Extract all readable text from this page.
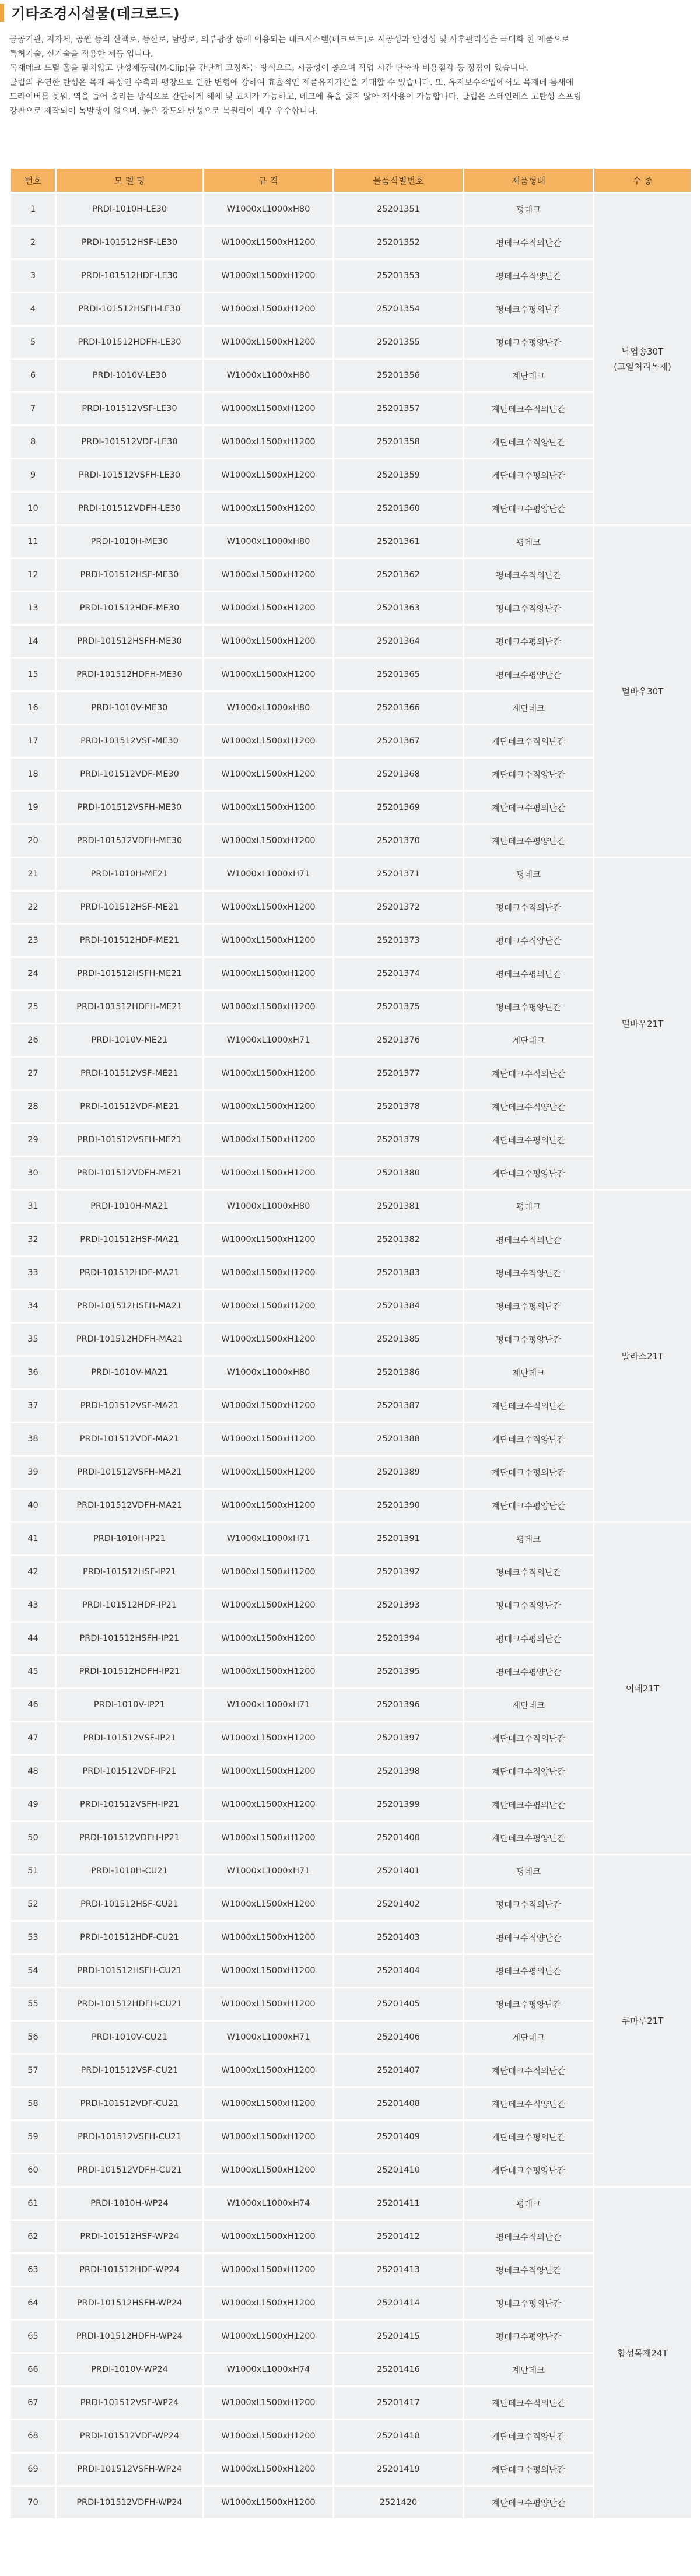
기타조경시설물(데크로드)

공공기관, 지자체, 공원 등의 산책로, 등산로, 탐방로, 외부광장 등에 이용되는 데크시스템(데크로드)로 시공성과 안정성 및 사후관리성을 극대화 한 제품으로

특허기술, 신기술을 적용한 제품 입니다.

목재데크 드릴 홀을 필치않고 탄성제품립(M-Clip)을 간단히 고정하는 방식으로, 시공성이 좋으며 작업 시간 단축과 비용절감 등 장점이 있습니다.

클립의 유연한 탄성은 목재 특성인 수축과 팽창으로 인한 변형에 강하여 효율적인 제품유지기간을 기대할 수 있습니다. 또, 유지보수작업에서도 목재데 틈새에

드라이버를 꽂워, 역을 들어 올리는 방식으로 간단하게 해체 및 교체가 가능하고, 데크에 홀을 뚫지 않아 재사용이 가능합니다. 클립은 스테인레스 고탄성 스프링

강판으로 제작되어 녹발생이 없으며, 높은 강도와 탄성으로 복원력이 매우 우수합니다.

번호	모 델 명	규 격	물품식별번호	제품형태	수 종
1	PRDI-1010H-LE30	W1000xL1000xH80	25201351	평데크	낙엽송30T
(고열처리목재)

2	PRDI-101512HSF-LE30	W1000xL1500xH1200	25201352	평데크수직외난간	
3	PRDI-101512HDF-LE30	W1000xL1500xH1200	25201353	평데크수직양난간	
4	PRDI-101512HSFH-LE30	W1000xL1500xH1200	25201354	평데크수평외난간	
5	PRDI-101512HDFH-LE30	W1000xL1500xH1200	25201355	평데크수평양난간	
6	PRDI-1010V-LE30	W1000xL1000xH80	25201356	계단데크	
7	PRDI-101512VSF-LE30	W1000xL1500xH1200	25201357	계단데크수직외난간	
8	PRDI-101512VDF-LE30	W1000xL1500xH1200	25201358	계단데크수직양난간	
9	PRDI-101512VSFH-LE30	W1000xL1500xH1200	25201359	계단데크수평외난간	
10	PRDI-101512VDFH-LE30	W1000xL1500xH1200	25201360	계단데크수평양난간	
11	PRDI-1010H-ME30	W1000xL1000xH80	25201361	평데크	멀바우30T

12	PRDI-101512HSF-ME30	W1000xL1500xH1200	25201362	평데크수직외난간	
13	PRDI-101512HDF-ME30	W1000xL1500xH1200	25201363	평데크수직양난간	
14	PRDI-101512HSFH-ME30	W1000xL1500xH1200	25201364	평데크수평외난간	
15	PRDI-101512HDFH-ME30	W1000xL1500xH1200	25201365	평데크수평양난간	
16	PRDI-1010V-ME30	W1000xL1000xH80	25201366	계단데크	
17	PRDI-101512VSF-ME30	W1000xL1500xH1200	25201367	계단데크수직외난간	
18	PRDI-101512VDF-ME30	W1000xL1500xH1200	25201368	계단데크수직양난간	
19	PRDI-101512VSFH-ME30	W1000xL1500xH1200	25201369	계단데크수평외난간	
20	PRDI-101512VDFH-ME30	W1000xL1500xH1200	25201370	계단데크수평양난간	
21	PRDI-1010H-ME21	W1000xL1000xH71	25201371	평데크	멀바우21T

22	PRDI-101512HSF-ME21	W1000xL1500xH1200	25201372	평데크수직외난간	
23	PRDI-101512HDF-ME21	W1000xL1500xH1200	25201373	평데크수직양난간	
24	PRDI-101512HSFH-ME21	W1000xL1500xH1200	25201374	평데크수평외난간	
25	PRDI-101512HDFH-ME21	W1000xL1500xH1200	25201375	평데크수평양난간	
26	PRDI-1010V-ME21	W1000xL1000xH71	25201376	계단데크	
27	PRDI-101512VSF-ME21	W1000xL1500xH1200	25201377	계단데크수직외난간	
28	PRDI-101512VDF-ME21	W1000xL1500xH1200	25201378	계단데크수직양난간	
29	PRDI-101512VSFH-ME21	W1000xL1500xH1200	25201379	계단데크수평외난간	
30	PRDI-101512VDFH-ME21	W1000xL1500xH1200	25201380	계단데크수평양난간	
31	PRDI-1010H-MA21	W1000xL1000xH80	25201381	평데크	말라스21T

32	PRDI-101512HSF-MA21	W1000xL1500xH1200	25201382	평데크수직외난간	
33	PRDI-101512HDF-MA21	W1000xL1500xH1200	25201383	평데크수직양난간	
34	PRDI-101512HSFH-MA21	W1000xL1500xH1200	25201384	평데크수평외난간	
35	PRDI-101512HDFH-MA21	W1000xL1500xH1200	25201385	평데크수평양난간	
36	PRDI-1010V-MA21	W1000xL1000xH80	25201386	계단데크	
37	PRDI-101512VSF-MA21	W1000xL1500xH1200	25201387	계단데크수직외난간	
38	PRDI-101512VDF-MA21	W1000xL1500xH1200	25201388	계단데크수직양난간	
39	PRDI-101512VSFH-MA21	W1000xL1500xH1200	25201389	계단데크수평외난간	
40	PRDI-101512VDFH-MA21	W1000xL1500xH1200	25201390	계단데크수평양난간	
41	PRDI-1010H-IP21	W1000xL1000xH71	25201391	평데크	이페21T

42	PRDI-101512HSF-IP21	W1000xL1500xH1200	25201392	평데크수직외난간	
43	PRDI-101512HDF-IP21	W1000xL1500xH1200	25201393	평데크수직양난간	
44	PRDI-101512HSFH-IP21	W1000xL1500xH1200	25201394	평데크수평외난간	
45	PRDI-101512HDFH-IP21	W1000xL1500xH1200	25201395	평데크수평양난간	
46	PRDI-1010V-IP21	W1000xL1000xH71	25201396	계단데크	
47	PRDI-101512VSF-IP21	W1000xL1500xH1200	25201397	계단데크수직외난간	
48	PRDI-101512VDF-IP21	W1000xL1500xH1200	25201398	계단데크수직양난간	
49	PRDI-101512VSFH-IP21	W1000xL1500xH1200	25201399	계단데크수평외난간	
50	PRDI-101512VDFH-IP21	W1000xL1500xH1200	25201400	계단데크수평양난간	
51	PRDI-1010H-CU21	W1000xL1000xH71	25201401	평데크	쿠마루21T

52	PRDI-101512HSF-CU21	W1000xL1500xH1200	25201402	평데크수직외난간	
53	PRDI-101512HDF-CU21	W1000xL1500xH1200	25201403	평데크수직양난간	
54	PRDI-101512HSFH-CU21	W1000xL1500xH1200	25201404	평데크수평외난간	
55	PRDI-101512HDFH-CU21	W1000xL1500xH1200	25201405	평데크수평양난간	
56	PRDI-1010V-CU21	W1000xL1000xH71	25201406	계단데크	
57	PRDI-101512VSF-CU21	W1000xL1500xH1200	25201407	계단데크수직외난간	
58	PRDI-101512VDF-CU21	W1000xL1500xH1200	25201408	계단데크수직양난간	
59	PRDI-101512VSFH-CU21	W1000xL1500xH1200	25201409	계단데크수평외난간	
60	PRDI-101512VDFH-CU21	W1000xL1500xH1200	25201410	계단데크수평양난간	
61	PRDI-1010H-WP24	W1000xL1000xH74	25201411	평데크	합성목재24T

62	PRDI-101512HSF-WP24	W1000xL1500xH1200	25201412	평데크수직외난간	
63	PRDI-101512HDF-WP24	W1000xL1500xH1200	25201413	평데크수직양난간	
64	PRDI-101512HSFH-WP24	W1000xL1500xH1200	25201414	평데크수평외난간	
65	PRDI-101512HDFH-WP24	W1000xL1500xH1200	25201415	평데크수평양난간	
66	PRDI-1010V-WP24	W1000xL1000xH74	25201416	계단데크	
67	PRDI-101512VSF-WP24	W1000xL1500xH1200	25201417	계단데크수직외난간	
68	PRDI-101512VDF-WP24	W1000xL1500xH1200	25201418	계단데크수직양난간	
69	PRDI-101512VSFH-WP24	W1000xL1500xH1200	25201419	계단데크수평외난간	
70	PRDI-101512VDFH-WP24	W1000xL1500xH1200	2521420	계단데크수평양난간	
